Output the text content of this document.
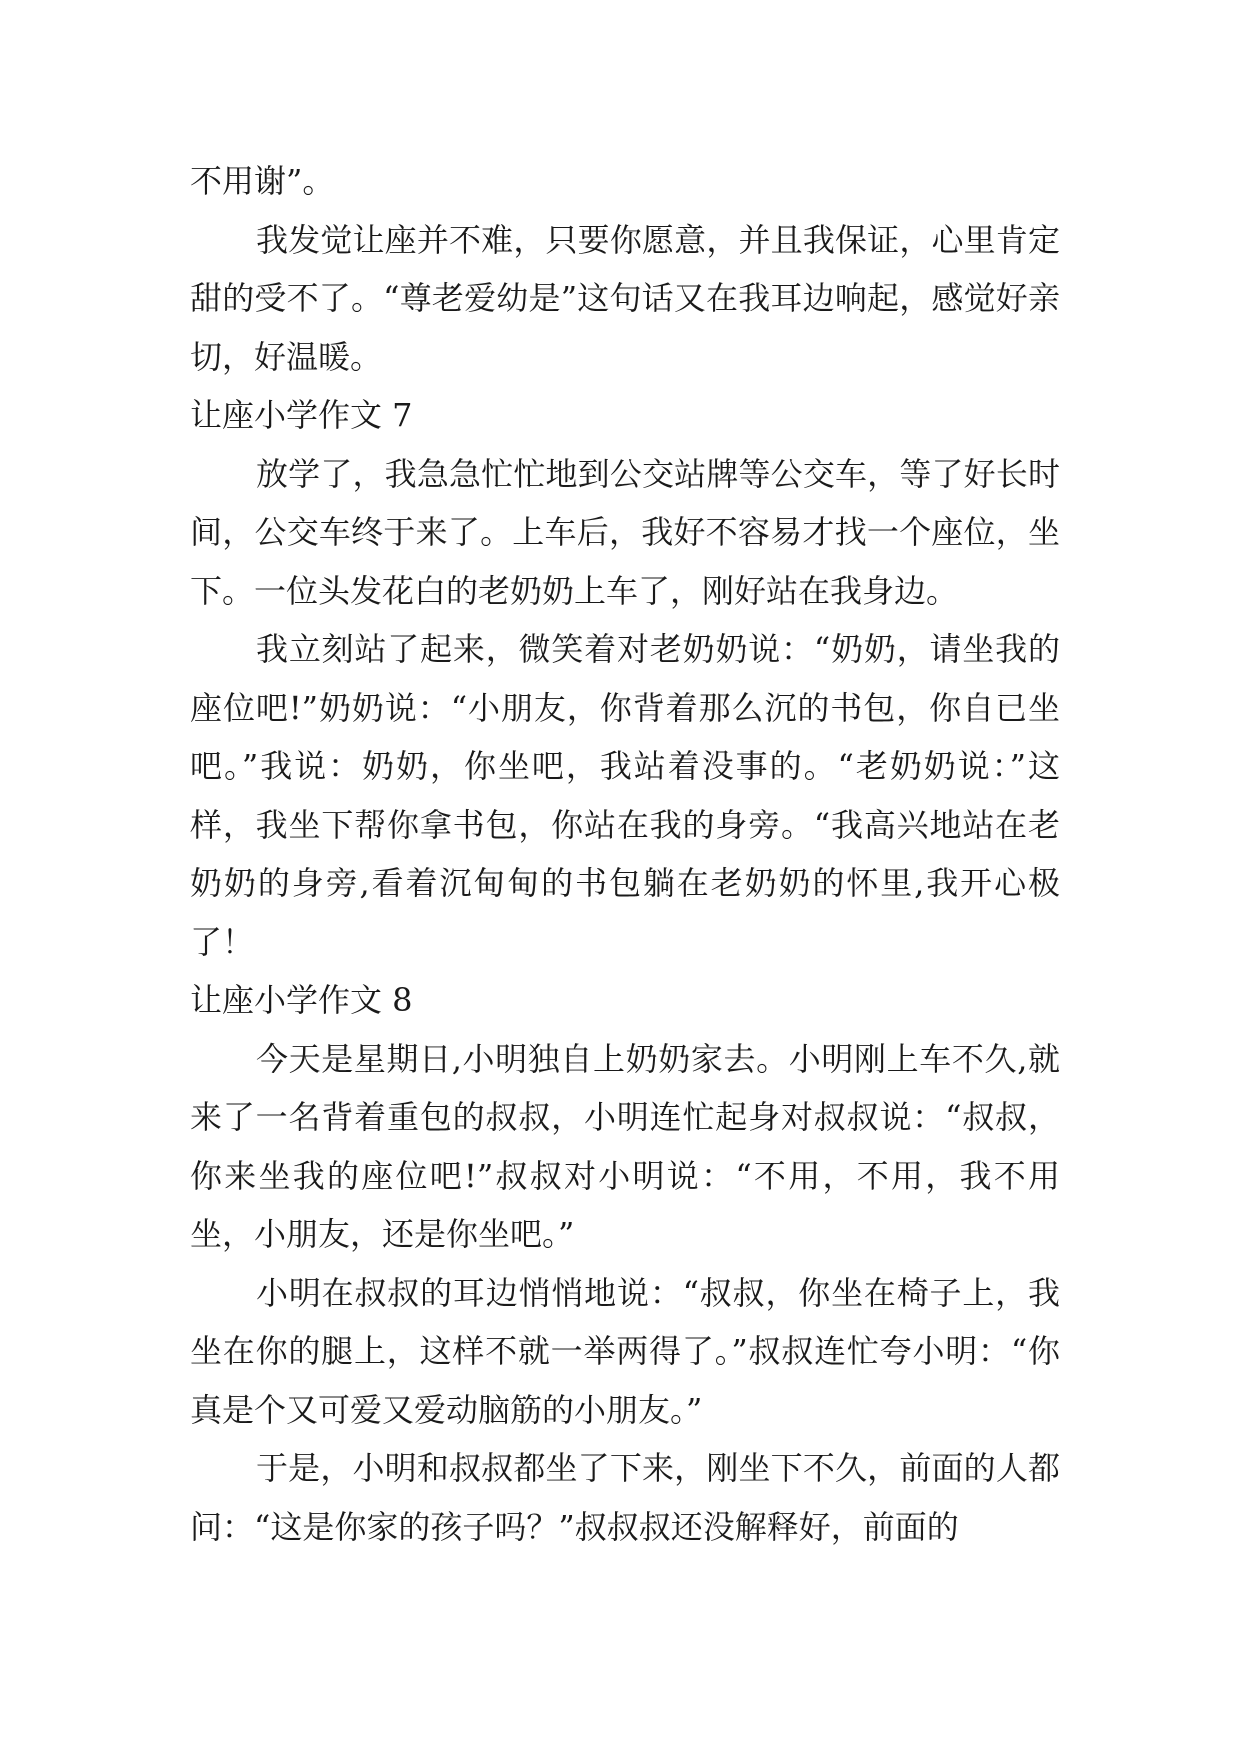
不用谢”。

我发觉让座并不难，只要你愿意，并且我保证，心里肯定甜的受不了。“尊老爱幼是”这句话又在我耳边响起，感觉好亲切，好温暖。

让座小学作文 7

放学了，我急急忙忙地到公交站牌等公交车，等了好长时间，公交车终于来了。上车后，我好不容易才找一个座位，坐下。一位头发花白的老奶奶上车了，刚好站在我身边。

我立刻站了起来，微笑着对老奶奶说：“奶奶，请坐我的座位吧!”奶奶说：“小朋友，你背着那么沉的书包，你自已坐吧。”我说：奶奶，你坐吧，我站着没事的。“老奶奶说：”这样，我坐下帮你拿书包，你站在我的身旁。“我高兴地站在老奶奶的身旁,看着沉甸甸的书包躺在老奶奶的怀里,我开心极了！

让座小学作文 8

今天是星期日,小明独自上奶奶家去。小明刚上车不久,就来了一名背着重包的叔叔，小明连忙起身对叔叔说：“叔叔，你来坐我的座位吧!”叔叔对小明说：“不用，不用，我不用坐，小朋友，还是你坐吧。”

小明在叔叔的耳边悄悄地说：“叔叔，你坐在椅子上，我坐在你的腿上，这样不就一举两得了。”叔叔连忙夸小明：“你真是个又可爱又爱动脑筋的小朋友。”

于是，小明和叔叔都坐了下来，刚坐下不久，前面的人都问：“这是你家的孩子吗？”叔叔叔还没解释好，前面的
